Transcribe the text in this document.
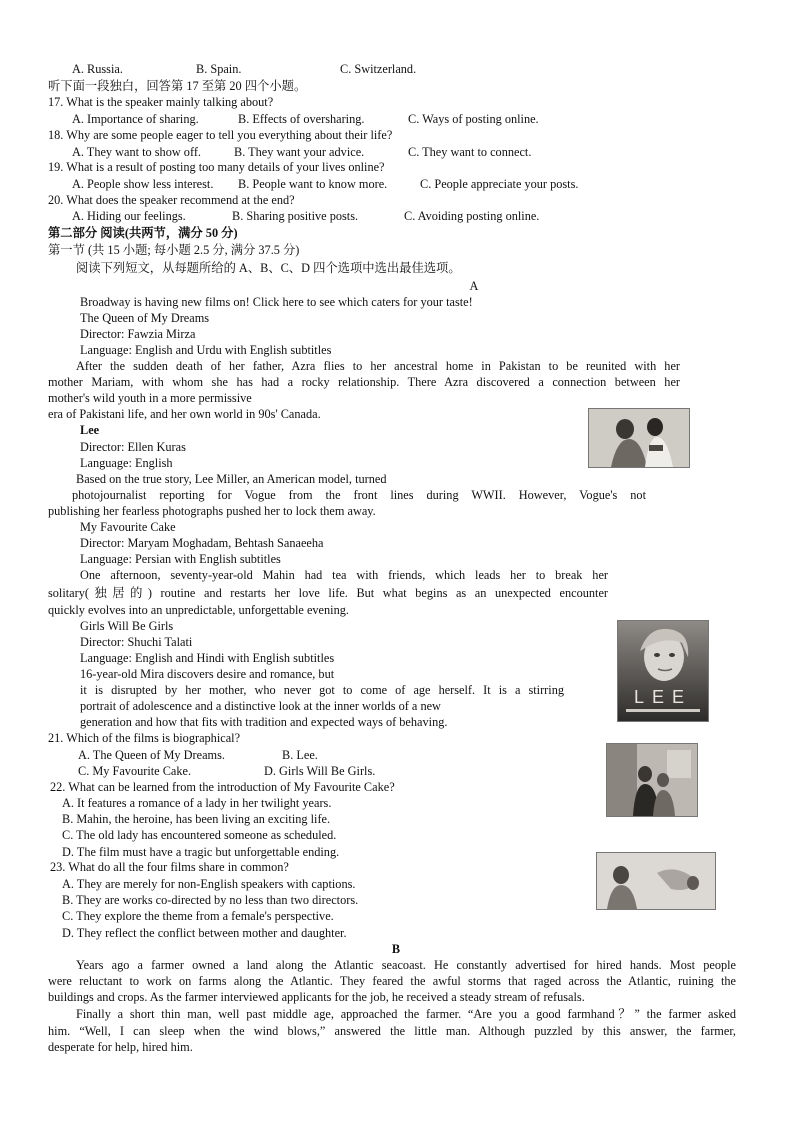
A. Russia.	B. Spain.	C. Switzerland.
听下面一段独白，回答第 17 至第 20 四个小题。
17. What is the speaker mainly talking about?
A. Importance of sharing.	B. Effects of oversharing.	C. Ways of posting online.
18. Why are some people eager to tell you everything about their life?
A. They want to show off.	B. They want your advice.	C. They want to connect.
19. What is a result of posting too many details of your lives online?
A. People show less interest. B. People want to know more.	C. People appreciate your posts.
20. What does the speaker recommend at the end?
A. Hiding our feelings.	B. Sharing positive posts.	C. Avoiding posting online.
第二部分 阅读(共两节，满分 50 分)
第一节 (共 15 小题; 每小题 2.5 分, 满分 37.5 分)
阅读下列短文，从每题所给的 A、B、C、D 四个选项中选出最佳选项。
A
Broadway is having new films on! Click here to see which caters for your taste!
The Queen of My Dreams
Director: Fawzia Mirza
Language: English and Urdu with English subtitles
After the sudden death of her father, Azra flies to her ancestral home in Pakistan to be reunited with her
mother Mariam, with whom she has had a rocky relationship. There Azra discovered a connection between her
mother's wild youth in a more permissive
era of Pakistani life, and her own world in 90s' Canada.
Lee
Director: Ellen Kuras
Language: English
Based on the true story, Lee Miller, an American model, turned
photojournalist reporting for Vogue from the front lines during WWII. However, Vogue's not
publishing her fearless photographs pushed her to lock them away.
My Favourite Cake
Director: Maryam Moghadam, Behtash Sanaeeha
Language: Persian with English subtitles
One afternoon, seventy-year-old Mahin had tea with friends, which leads her to break her
solitary(独居的) routine and restarts her love life. But what begins as an unexpected encounter
quickly evolves into an unpredictable, unforgettable evening.
Girls Will Be Girls
Director: Shuchi Talati
Language: English and Hindi with English subtitles
16-year-old Mira discovers desire and romance, but
it is disrupted by her mother, who never got to come of age herself. It is a stirring
portrait of adolescence and a distinctive look at the inner worlds of a new
generation and how that fits with tradition and expected ways of behaving.
21. Which of the films is biographical?
A. The Queen of My Dreams.	B. Lee.
C. My Favourite Cake.	D. Girls Will Be Girls.
22. What can be learned from the introduction of My Favourite Cake?
A. It features a romance of a lady in her twilight years.
B. Mahin, the heroine, has been living an exciting life.
C. The old lady has encountered someone as scheduled.
D. The film must have a tragic but unforgettable ending.
23. What do all the four films share in common?
A. They are merely for non-English speakers with captions.
B. They are works co-directed by no less than two directors.
C. They explore the theme from a female's perspective.
D. They reflect the conflict between mother and daughter.
B
Years ago a farmer owned a land along the Atlantic seacoast. He constantly advertised for hired hands. Most people
were reluctant to work on farms along the Atlantic. They feared the awful storms that raged across the Atlantic, ruining the
buildings and crops. As the farmer interviewed applicants for the job, he received a steady stream of refusals.
Finally a short thin man, well past middle age, approached the farmer. “Are you a good farmhand？” the farmer asked
him. “Well, I can sleep when the wind blows,” answered the little man. Although puzzled by this answer, the farmer,
desperate for help, hired him.
LEE
